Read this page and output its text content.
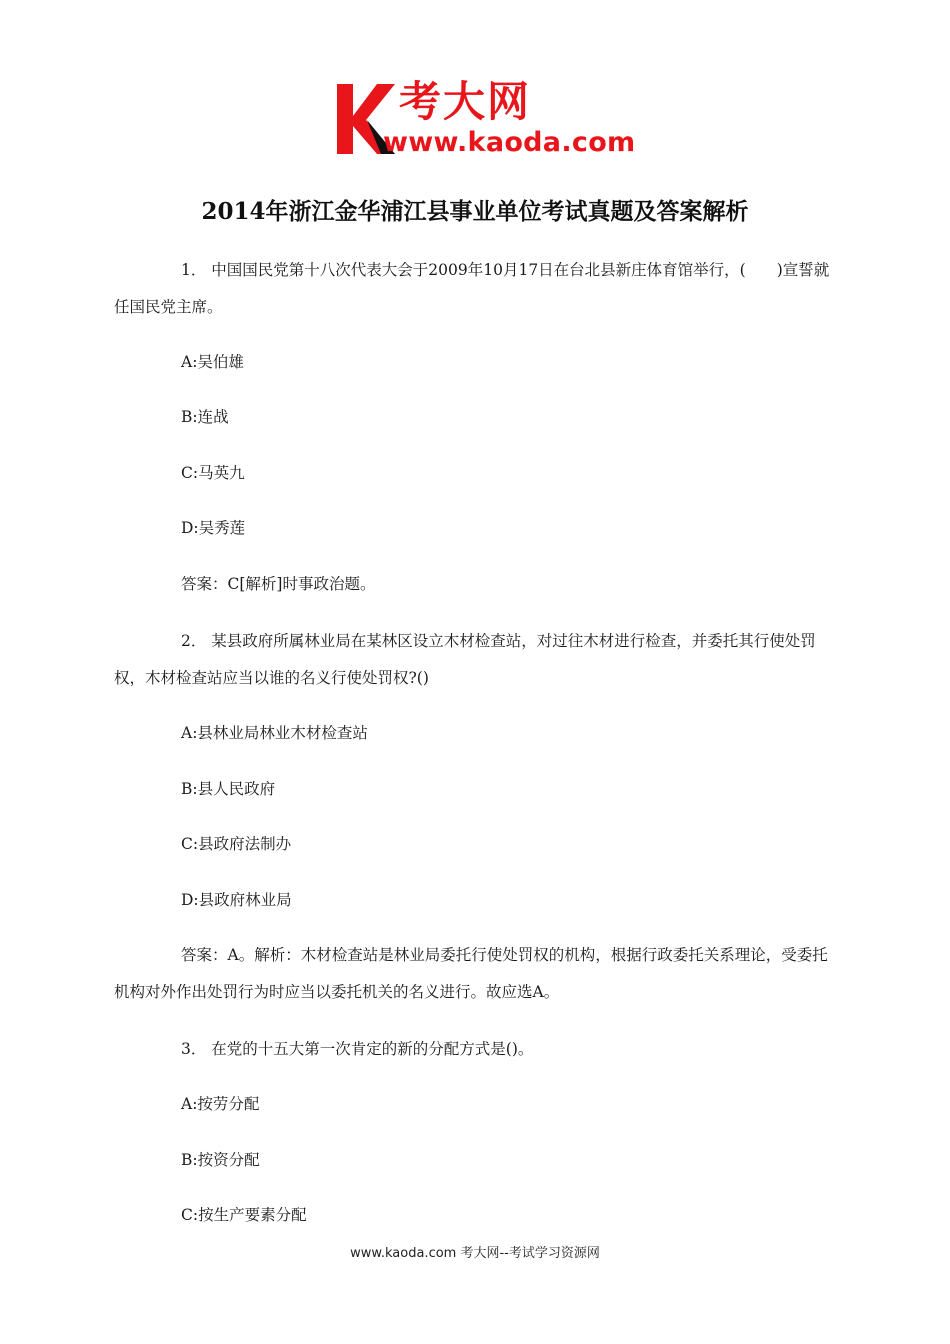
考大网
www.kaoda.com
2014年浙江金华浦江县事业单位考试真题及答案解析

1． 中国国民党第十八次代表大会于2009年10月17日在台北县新庄体育馆举行，(　　)宣誓就任国民党主席。

A:吴伯雄

B:连战

C:马英九

D:吴秀莲

答案：C[解析]时事政治题。

2． 某县政府所属林业局在某林区设立木材检查站，对过往木材进行检查，并委托其行使处罚权，木材检查站应当以谁的名义行使处罚权?()

A:县林业局林业木材检查站

B:县人民政府

C:县政府法制办

D:县政府林业局

答案：A。解析：木材检查站是林业局委托行使处罚权的机构，根据行政委托关系理论，受委托机构对外作出处罚行为时应当以委托机关的名义进行。故应选A。

3． 在党的十五大第一次肯定的新的分配方式是()。

A:按劳分配

B:按资分配

C:按生产要素分配

www.kaoda.com 考大网--考试学习资源网
